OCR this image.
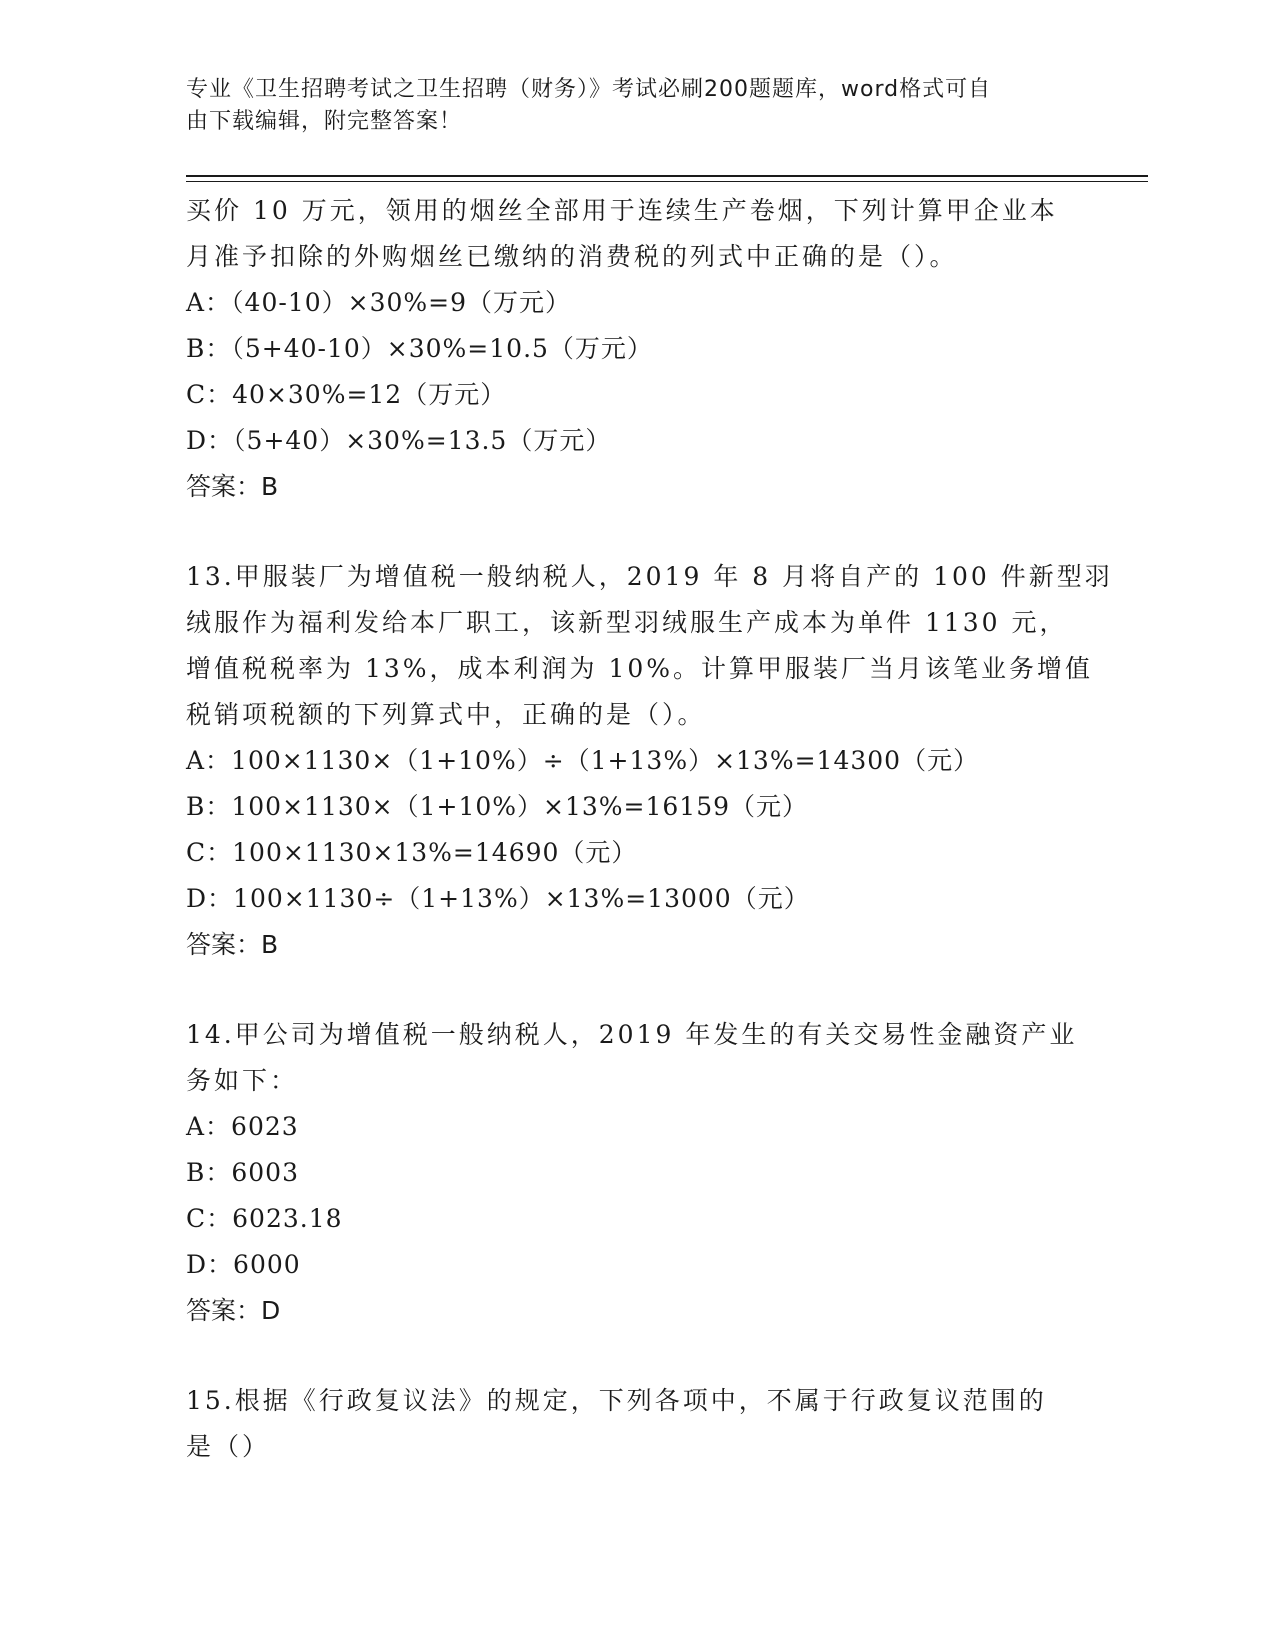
专业《卫生招聘考试之卫生招聘（财务）》考试必刷200题题库，word格式可自
由下载编辑，附完整答案！
买价 10 万元，领用的烟丝全部用于连续生产卷烟，下列计算甲企业本
月准予扣除的外购烟丝已缴纳的消费税的列式中正确的是（）。
A：（40-10）×30%=9（万元）
B：（5+40-10）×30%=10.5（万元）
C：40×30%=12（万元）
D：（5+40）×30%=13.5（万元）
答案：B
13.甲服装厂为增值税一般纳税人，2019 年 8 月将自产的 100 件新型羽
绒服作为福利发给本厂职工，该新型羽绒服生产成本为单件 1130 元，
增值税税率为 13%，成本利润为 10%。计算甲服装厂当月该笔业务增值
税销项税额的下列算式中，正确的是（）。
A：100×1130×（1+10%）÷（1+13%）×13%=14300（元）
B：100×1130×（1+10%）×13%=16159（元）
C：100×1130×13%=14690（元）
D：100×1130÷（1+13%）×13%=13000（元）
答案：B
14.甲公司为增值税一般纳税人，2019 年发生的有关交易性金融资产业
务如下：
A：6023
B：6003
C：6023.18
D：6000
答案：D
15.根据《行政复议法》的规定，下列各项中，不属于行政复议范围的
是（）
